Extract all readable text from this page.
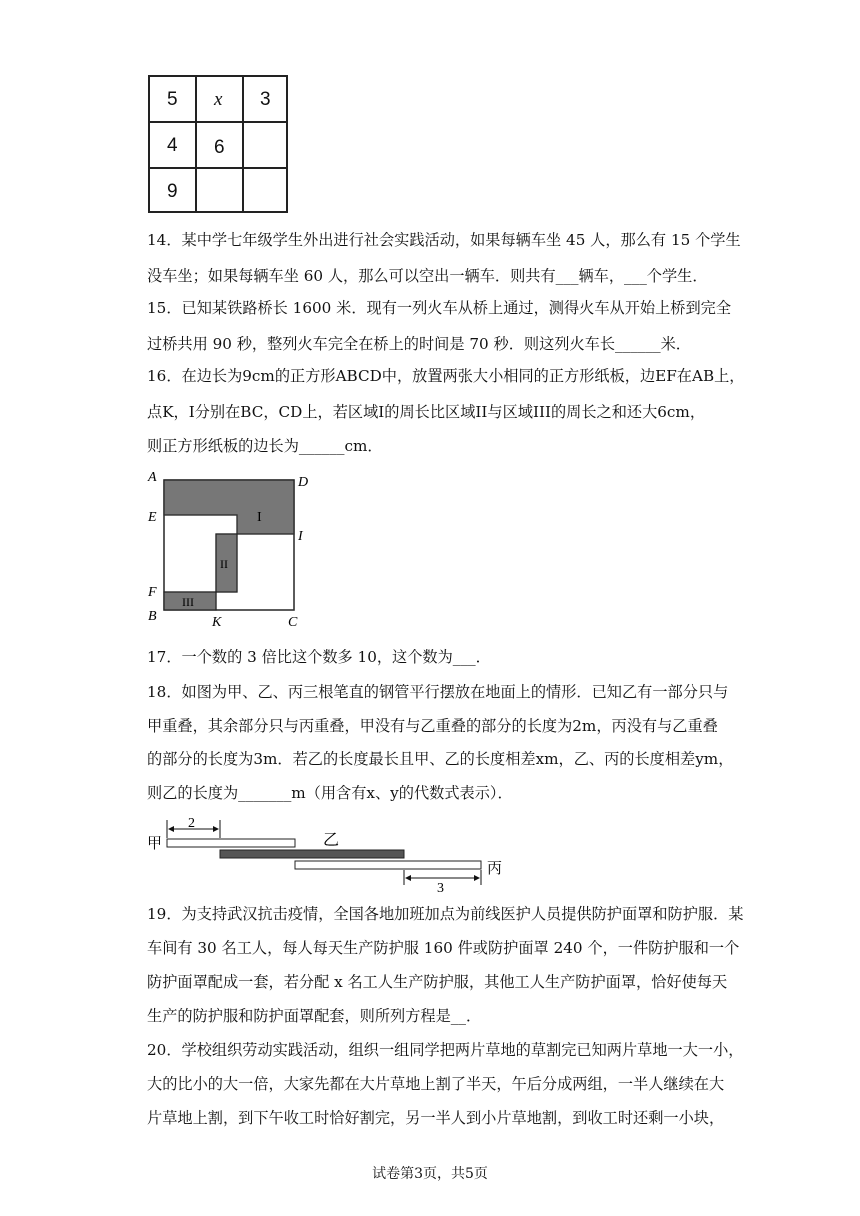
5 x 3
4 6
9
14．某中学七年级学生外出进行社会实践活动，如果每辆车坐 45 人，那么有 15 个学生
没车坐；如果每辆车坐 60 人，那么可以空出一辆车．则共有___辆车，___个学生．
15．已知某铁路桥长 1600 米．现有一列火车从桥上通过，测得火车从开始上桥到完全
过桥共用 90 秒，整列火车完全在桥上的时间是 70 秒．则这列火车长______米．
16．在边长为9cm的正方形ABCD中，放置两张大小相同的正方形纸板，边EF在AB上，
点K，I分别在BC，CD上，若区域I的周长比区域II与区域III的周长之和还大6cm，
则正方形纸板的边长为______cm．
A	D
E
I
F
B	K	C
I
II
III
17．一个数的 3 倍比这个数多 10，这个数为___．
18．如图为甲、乙、丙三根笔直的钢管平行摆放在地面上的情形．已知乙有一部分只与
甲重叠，其余部分只与丙重叠，甲没有与乙重叠的部分的长度为2m，丙没有与乙重叠
的部分的长度为3m．若乙的长度最长且甲、乙的长度相差xm，乙、丙的长度相差ym，
则乙的长度为_______m（用含有x、y的代数式表示）．
2
甲	乙
丙
3
19．为支持武汉抗击疫情，全国各地加班加点为前线医护人员提供防护面罩和防护服．某
车间有 30 名工人，每人每天生产防护服 160 件或防护面罩 240 个，一件防护服和一个
防护面罩配成一套，若分配 x 名工人生产防护服，其他工人生产防护面罩，恰好使每天
生产的防护服和防护面罩配套，则所列方程是__．
20．学校组织劳动实践活动，组织一组同学把两片草地的草割完已知两片草地一大一小，
大的比小的大一倍，大家先都在大片草地上割了半天，午后分成两组，一半人继续在大
片草地上割，到下午收工时恰好割完，另一半人到小片草地割，到收工时还剩一小块，
试卷第3页，共5页
